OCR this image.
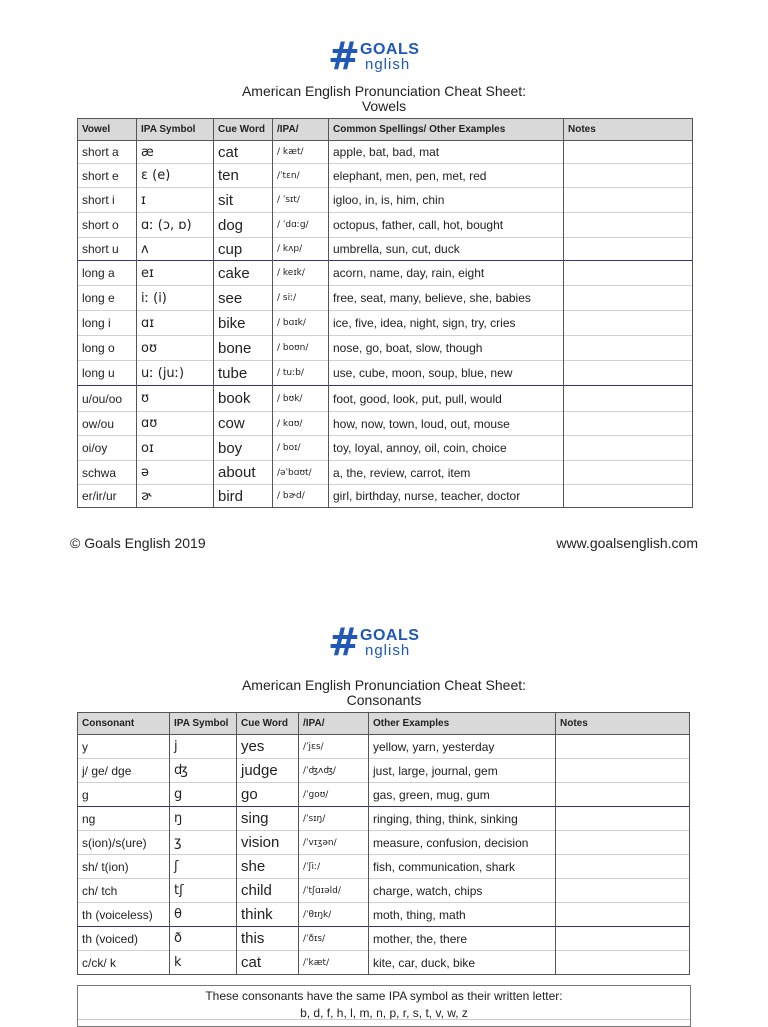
# GOALS
nglish
American English Pronunciation Cheat Sheet:
Vowels
Vowel	IPA Symbol	Cue Word	/IPA/	Common Spellings/ Other Examples	Notes
short a	æ	cat	/ kæt/	apple, bat, bad, mat	
short e	ɛ (e)	ten	/ˈtɛn/	elephant, men, pen, met, red	
short i	ɪ	sit	/ ˈsɪt/	igloo, in, is, him, chin	
short o	ɑː (ɔ, ɒ)	dog	/ ˈdɑːg/	octopus, father, call, hot, bought	
short u	ʌ	cup	/ kʌp/	umbrella, sun, cut, duck	
long a	eɪ	cake	/ keɪk/	acorn, name, day, rain, eight	
long e	iː (i)	see	/ siː/	free, seat, many, believe, she, babies	
long i	ɑɪ	bike	/ bɑɪk/	ice, five, idea, night, sign, try, cries	
long o	oʊ	bone	/ boʊn/	nose, go, boat, slow, though	
long u	uː (juː)	tube	/ tuːb/	use, cube, moon, soup, blue, new	
u/ou/oo	ʊ	book	/ bʊk/	foot, good, look, put, pull, would	
ow/ou	ɑʊ	cow	/ kɑʊ/	how, now, town, loud, out, mouse	
oi/oy	oɪ	boy	/ boɪ/	toy, loyal, annoy, oil, coin, choice	
schwa	ə	about	/əˈbɑʊt/	a, the, review, carrot, item	
er/ir/ur	ɚ	bird	/ bɚd/	girl, birthday, nurse, teacher, doctor	
© Goals English 2019	www.goalsenglish.com
# GOALS
nglish
American English Pronunciation Cheat Sheet:
Consonants
Consonant	IPA Symbol	Cue Word	/IPA/	Other Examples	Notes
y	j	yes	/ˈjɛs/	yellow, yarn, yesterday	
j/ ge/ dge	ʤ	judge	/ˈʤʌʤ/	just, large, journal, gem	
g	g	go	/ˈgoʊ/	gas, green, mug, gum	
ng	ŋ	sing	/ˈsɪŋ/	ringing, thing, think, sinking	
s(ion)/s(ure)	ʒ	vision	/ˈvɪʒən/	measure, confusion, decision	
sh/ t(ion)	ʃ	she	/ˈʃiː/	fish, communication, shark	
ch/ tch	tʃ	child	/ˈtʃɑɪəld/	charge, watch, chips	
th (voiceless)	θ	think	/ˈθɪŋk/	moth, thing, math	
th (voiced)	ð	this	/ˈðɪs/	mother, the, there	
c/ck/ k	k	cat	/ˈkæt/	kite, car, duck, bike	
These consonants have the same IPA symbol as their written letter:
b, d, f, h, l, m, n, p, r, s, t, v, w, z
